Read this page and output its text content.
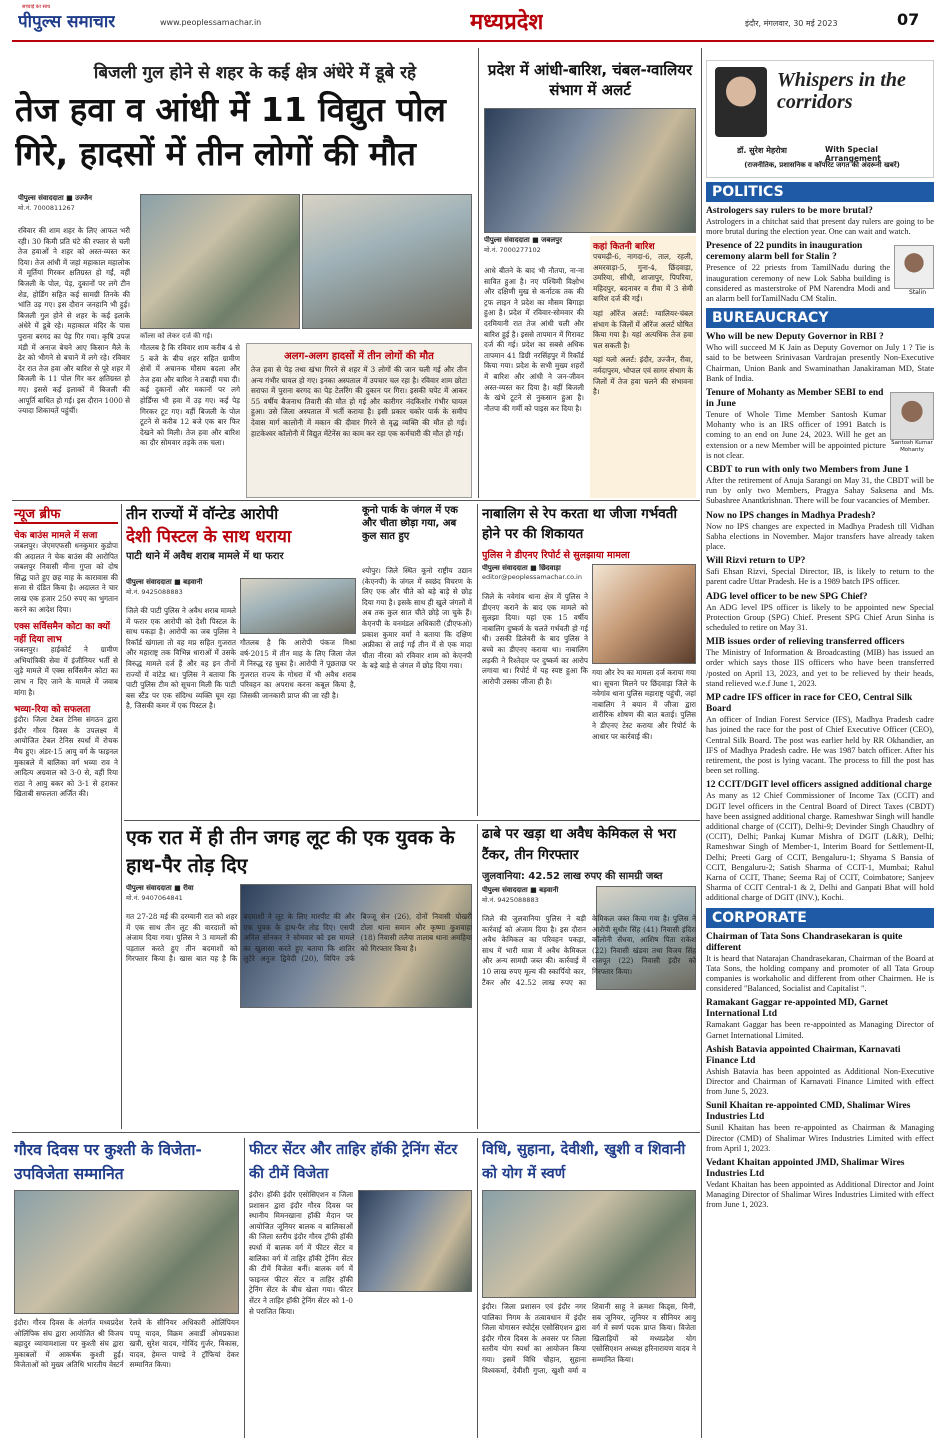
सच्चाई का साथ
पीपुल्स समाचार	www.peoplessamachar.in	मध्यप्रदेश	इंदौर, मंगलवार, 30 मई 2023	07
बिजली गुल होने से शहर के कई क्षेत्र अंधेरे में डूबे रहे
तेज हवा व आंधी में 11 विद्युत पोल गिरे, हादसों में तीन लोगों की मौत
पीपुल्स संवाददाता ■ उज्जैन
मो.नं. 7000811267
रविवार की शाम शहर के लिए आफत भरी रही। 30 किमी प्रति घंटे की रफ्तार से चली तेज हवाओं ने शहर को अस्त-व्यस्त कर दिया। तेज आंधी में जहां महाकाल महालोक में मूर्तियां गिरकर क्षतिग्रस्त हो गईं, वहीं बिजली के पोल, पेड़, दुकानों पर लगे टीन शेड, होर्डिंग सहित कई सामग्री तिनके की भांति उड़ गए। इस दौरान जनहानि भी हुई। बिजली गुल होने से शहर के कई इलाके अंधेरे में डूबे रहे। महाकाल मंदिर के पास पुराना बरगद का पेड़ गिर गया। कृषि उपज मंडी में अनाज बेचने आए किसान मैले के ढेर को भीगने से बचाने में लगे रहे। रविवार देर रात तेज हवा और बारिश से पूरे शहर में बिजली के 11 पोल गिर कर क्षतिग्रस्त हो गए। इससे कई इलाकों में बिजली की आपूर्ति बाधित हो गई। इस दौरान 1000 से ज्यादा शिकायतें पहुंचीं।
कॉल्स को लेकर दर्ज की गई।
गौतलब है कि रविवार शाम करीब 4 से 5 बजे के बीच शहर सहित ग्रामीण क्षेत्रों में अचानक मौसम बदला और तेज हवा और बारिश ने तबाही मचा दी। कई दुकानों और मकानों पर लगे होर्डिंग्स भी हवा में उड़ गए। कई पेड़ गिरकर टूट गए। वहीं बिजली के पोल टूटने से करीब 12 बजे एक बार फिर देखने को मिली। तेज हवा और बारिश का दौर सोमवार तड़के तक चला।
अलग-अलग हादसों में तीन लोगों की मौत
तेज हवा से पेड़ तथा खंभा गिरने से शहर में 3 लोगों की जान चली गई और तीन अन्य गंभीर घायल हो गए। इनका अस्पताल में उपचार चल रहा है। रविवार शाम छोटा सराफा में पुराना बरगद का पेड़ टेलरिंग की दुकान पर गिरा। इसकी चपेट में आकर 55 वर्षीय बैजनाथ तिवारी की मौत हो गई और कारीगर नंदकिशोर गंभीर घायल हुआ। उसे जिला अस्पताल में भर्ती कराया है। इसी प्रकार चकोर पार्क के समीप देवास मार्ग कालोनी में मकान की दीवार गिरने से वृद्ध व्यक्ति की मौत हो गई। हाटकेश्वर कॉलोनी में विद्युत मेंटेनेंस का काम कर रहा एक कर्मचारी की मौत हो गई।
प्रदेश में आंधी-बारिश, चंबल-ग्वालियर संभाग में अलर्ट
पीपुल्स संवाददाता ■ जबलपुर
मो.नं. 7000277102
आधे बीतने के बाद भी नौतपा, ना-ना सावित हुआ है। नए पश्चिमी विक्षोभ और दक्षिणी मुख से कर्नाटक तक की ट्रफ लाइन ने प्रदेश का मौसम बिगाड़ा हुआ है। प्रदेश में रविवार-सोमवार की दरमियानी रात तेज आंधी चली और बारिश हुई है। इससे तापमान में गिरावट दर्ज की गई। प्रदेश का सबसे अधिक तापमान 41 डिग्री नरसिंहपुर में रिकॉर्ड किया गया। प्रदेश के सभी मुख्य शहरों में बारिश और आंधी ने जन-जीवन अस्त-व्यस्त कर दिया है। वहीं बिजली के खंभे टूटने से नुकसान हुआ है। नौतपा की गर्मी को पाइस कर दिया है।
कहां कितनी बारिश
पचमढ़ी-6, नागदा-6, ताल, रहली, अमरवाड़ा-5, गुना-4, छिंदवाड़ा, उमरिया, सीधी, शाजापुर, पिपरिया, महिदपुर, बदनावर व रीवा में 3 सेमी बारिश दर्ज की गई।
यहां ऑरेंज अलर्ट: ग्वालियर-चंबल संभाग के जिलों में ऑरेंज अलर्ट घोषित किया गया है। यहां अत्यधिक तेज हवा चल सकती है।
यहां यलो अलर्ट: इंदौर, उज्जैन, रीवा, नर्मदापुरम, भोपाल एवं सागर संभाग के जिलों में तेज हवा चलने की संभावना है।
Whispers in the corridors
डॉ. सुरेश मेहरोत्रा	With Special Arrangement
(राजनीतिक, प्रशासनिक व कॉर्पोरेट जगत की अंदरूनी खबरें)
POLITICS
Astrologers say rulers to be more brutal?
Astrologers in a chitchat said that present day rulers are going to be more brutal during the election year. One can wait and watch.
Stalin
Presence of 22 pundits in inauguration ceremony alarm bell for Stalin ?
Presence of 22 priests from TamilNadu during the inauguration ceremony of new Lok Sabha building is considered as masterstroke of PM Narendra Modi and an alarm bell forTamilNadu CM Stalin.
BUREAUCRACY
Who will be new Deputy Governor in RBI ?
Who will succeed M K Jain as Deputy Governor on July 1 ? Tie is said to be between Srinivasan Vardrajan presently Non-Executive Chairman, Union Bank and Swaminathan Janakiraman MD, State Bank of India.
Santosh Kumar Mohanty
Tenure of Mohanty as Member SEBI to end in June
Tenure of Whole Time Member Santosh Kumar Mohanty who is an IRS officer of 1991 Batch is coming to an end on June 24, 2023. Will he get an extension or a new Member will be appointed picture is not clear.
CBDT to run with only two Members from June 1
After the retirement of Anuja Sarangi on May 31, the CBDT will be run by only two Members, Pragya Sahay Saksena and Ms. Subashree Anantkrishnan. There will be four vacancies of Member.
Now no IPS changes in Madhya Pradesh?
Now no IPS changes are expected in Madhya Pradesh till Vidhan Sabha elections in November. Major transfers have already taken place.
Will Rizvi return to UP?
Safi Ehsan Rizvi, Special Director, IB, is likely to return to the parent cadre Uttar Pradesh. He is a 1989 batch IPS officer.
ADG level officer to be new SPG Chief?
An ADG level IPS officer is likely to be appointed new Special Protection Group (SPG) Chief. Present SPG Chief Arun Sinha is scheduled to retire on May 31.
MIB issues order of relieving transferred officers
The Ministry of Information & Broadcasting (MIB) has issued an order which says those IIS officers who have been transferred /posted on April 13, 2023, and yet to be relieved by their heads, stand relieved w.e.f June 1, 2023.
MP cadre IFS officer in race for CEO, Central Silk Board
An officer of Indian Forest Service (IFS), Madhya Pradesh cadre has joined the race for the post of Chief Executive Officer (CEO), Central Silk Board. The post was earlier held by RR Okhandier, an IFS of Madhya Pradesh cadre. He was 1987 batch officer. After his retirement, the post is lying vacant. The process to fill the post has been set rolling.
12 CCIT/DGIT level officers assigned additional charge
As many as 12 Chief Commissioner of Income Tax (CCIT) and DGIT level officers in the Central Board of Direct Taxes (CBDT) have been assigned additional charge. Rameshwar Singh will handle additional charge of (CCIT), Delhi-9; Devinder Singh Chaudhry of (CCIT), Delhi; Pankaj Kumar Mishra of DGIT (L&R), Delhi; Rameshwar Singh of Member-1, Interim Board for Settlement-II, Delhi; Preeti Garg of CCIT, Bengaluru-1; Shyama S Bansia of CCIT, Bengaluru-2; Satish Sharma of CCIT-1, Mumbai; Rahul Karna of CCIT, Thane; Seema Raj of CCIT, Coimbatore; Sanjeev Sharma of CCIT Central-1 & 2, Delhi and Ganpati Bhat will hold additional charge of DGIT (INV.), Kochi.
CORPORATE
Chairman of Tata Sons Chandrasekaran is quite different
It is heard that Natarajan Chandrasekaran, Chairman of the Board at Tata Sons, the holding company and promoter of all Tata Group companies is workaholic and different from other Chairmen. He is considered "Balanced, Socialist and Capitalist ".
Ramakant Gaggar re-appointed MD, Garnet International Ltd
Ramakant Gaggar has been re-appointed as Managing Director of Garnet International Limited.
Ashish Batavia appointed Chairman, Karnavati Finance Ltd
Ashish Batavia has been appointed as Additional Non-Executive Director and Chairman of Karnavati Finance Limited with effect from June 5, 2023.
Sunil Khaitan re-appointed CMD, Shalimar Wires Industries Ltd
Sunil Khaitan has been re-appointed as Chairman & Managing Director (CMD) of Shalimar Wires Industries Limited with effect from April 1, 2023.
Vedant Khaitan appointed JMD, Shalimar Wires Industries Ltd
Vedant Khaitan has been appointed as Additional Director and Joint Managing Director of Shalimar Wires Industries Limited with effect from June 1, 2023.
न्यूज ब्रीफ
चेक बाउंस मामले में सजा
जबलपुर। जेएमएफसी धनकुमार कुडोपा की अदालत ने चेक बाउंस की आरोपित जबलपुर निवासी मीना गुप्ता को दोष सिद्ध पाते हुए छह माह के कारावास की सजा से दंडित किया है। अदालत ने चार लाख एक हजार 250 रुपए का भुगतान करने का आदेश दिया।
एक्स सर्विसमैन कोटा का क्यों नहीं दिया लाभ
जबलपुर। हाईकोर्ट ने ग्रामीण अभियांत्रिकी सेवा में इंजीनियर भर्ती से जुड़े मामले में एक्स सर्विसमैन कोटा का लाभ न दिए जाने के मामले में जवाब मांगा है।
भव्या-रिया को सफलता
इंदौर। जिला टेबल टेनिस संगठन द्वारा इंदौर गौरव दिवस के उपलक्ष्य में आयोजित टेबल टेनिस स्पर्धा में रोचक मैच हुए। अंडर-15 आयु वर्ग के फाइनल मुकाबले में बालिका वर्ग भव्या राव ने आदित्य अग्रवाल को 3-0 से, वहीं रिया राठा ने आयु बकर को 3-1 से हराकर खिताबी सफलता अर्जित की।
तीन राज्यों में वॉन्टेड आरोपी
देशी पिस्टल के साथ धराया
पाटी थाने में अवैध शराब मामले में था फरार
पीपुल्स संवाददाता ■ बड़वानी
मो.नं. 9425088883
जिले की पाटी पुलिस ने अवैध शराब मामले में फरार एक आरोपी को देशी पिस्टल के साथ पकड़ा है। आरोपी का जब पुलिस ने रिकॉर्ड खंगाला तो वह मप्र सहित गुजरात और महाराष्ट्र तक विभिन्न धाराओं में उसके विरुद्ध मामले दर्ज हैं और वह इन तीनों राज्यों में वांटेड था। पुलिस ने बताया कि पाटी पुलिस टीम को सूचना मिली कि पाटी बस स्टैंड पर एक संदिग्ध व्यक्ति घूम रहा है, जिसकी कमर में एक पिस्टल है।
गौतलब है कि आरोपी पंकज मिश्रा वर्ष-2015 में तीन माह के लिए जिला जेल में निरुद्ध रह चुका है। आरोपी ने पूछताछ पर गुजरात राज्य के गोधरा में भी अवैध शराब परिवहन का अपराध करना कबूल किया है, जिसकी जानकारी प्राप्त की जा रही है।
कूनो पार्क के जंगल में एक और चीता छोड़ा गया, अब कुल सात हुए
श्योपुर। जिले स्थित कूनो राष्ट्रीय उद्यान (केएनपी) के जंगल में स्वछंद विचरण के लिए एक और चीते को बड़े बाड़े से छोड़ दिया गया है। इसके साथ ही खुले जंगलों में अब तक कुल सात चीते छोड़े जा चुके हैं। केएनपी के वनमंडल अधिकारी (डीएफओ) प्रकाश कुमार वर्मा ने बताया कि दक्षिण अफ्रीका से लाई गई तीन में से एक मादा चीता नीरवा को रविवार शाम को केएनपी के बड़े बाड़े से जंगल में छोड़ दिया गया।
नाबालिग से रेप करता था जीजा गर्भवती होने पर की शिकायत
पुलिस ने डीएनए रिपोर्ट से सुलझाया मामला
पीपुल्स संवाददाता ■ छिंदवाड़ा
editor@peoplessamachar.co.in
जिले के नवेगांव थाना क्षेत्र में पुलिस ने डीएनए कराने के बाद एक मामले को सुलझा दिया। यहां एक 15 वर्षीय नाबालिग दुष्कर्म के चलते गर्भवती हो गई थी। उसकी डिलेवरी के बाद पुलिस ने बच्चे का डीएनए कराया था। नाबालिग लड़की ने रिश्तेदार पर दुष्कर्म का आरोप लगाया था। रिपोर्ट में यह स्पष्ट हुआ कि आरोपी उसका जीजा ही है।
गया और रेप का मामला दर्ज कराया गया था। सूचना मिलने पर छिंदवाड़ा जिले के नवेगांव थाना पुलिस महाराष्ट्र पहुंची, जहां नाबालिग ने बयान में जीजा द्वारा शारीरिक शोषण की बात बताई। पुलिस ने डीएनए टेस्ट कराया और रिपोर्ट के आधार पर कार्रवाई की।
एक रात में ही तीन जगह लूट की एक युवक के हाथ-पैर तोड़ दिए
पीपुल्स संवाददाता ■ रीवा
मो.नं. 9407064841
गत 27-28 मई की दरम्यानी रात को शहर में एक साथ तीन लूट की वारदातों को अंजाम दिया गया। पुलिस ने 3 मामलों की पड़ताल करते हुए तीन बदमाशों को गिरफ्तार किया है। खास बात यह है कि बदमाशों ने लूट के लिए मारपीट की और एक युवक के हाथ-पैर तोड़ दिए। एसपी अनिल सोनकर ने सोमवार को इस मामले का खुलासा करते हुए बताया कि शातिर लुटेरे अनुज द्विवेदी (20), विपिन उर्फ बिज्जू सेन (26), दोनों निवासी पोखरी टोला थाना समान और कृष्णा कुशवाहा (18) निवासी तलैया तालाब थाना अमहिया को गिरफ्तार किया है।
ढाबे पर खड़ा था अवैध केमिकल से भरा टैंकर, तीन गिरफ्तार
जुलवानिया: 42.52 लाख रुपए की सामग्री जब्त
पीपुल्स संवाददाता ■ बड़वानी
मो.नं. 9425088883
जिले की जुलवानिया पुलिस ने बड़ी कार्रवाई को अंजाम दिया है। इस दौरान अवैध केमिकल का परिवहन पकड़ा, साथ में भारी मात्रा में अवैध केमिकल और अन्य सामग्री जब्त की। कार्रवाई में 10 लाख रुपए मूल्य की स्कार्पियो कार, टैंकर और 42.52 लाख रुपए का केमिकल जब्त किया गया है। पुलिस ने आरोपी सुधीर सिंह (41) निवासी इंदिरा कॉलोनी सेंधवा, आशिष पिता राकेश (22) निवासी खंडवा तथा विजय सिंह राजपूत (22) निवासी इंदौर को गिरफ्तार किया।
गौरव दिवस पर कुश्ती के विजेता-उपविजेता सम्मानित
इंदौर। गौरव दिवस के अंतर्गत मध्यप्रदेश ओलिंपिक संघ द्वारा आयोजित श्री विजय बहादुर व्यायामशाला पर कुश्ती संघ द्वारा मुकाबलों में आकर्षक कुश्ती हुई। विजेताओं को मुख्य अतिथि भारतीय वेस्टर्न रेलवे के सीनियर अधिकारी ओलिंपियन पप्पू यादव, विक्रम अवार्डी ओमप्रकाश खत्री, सुरेश यादव, गोविंद गुर्जर, विकास, यादव, हेमन्त पाण्डे ने ट्रॉफियां देकर सम्मानित किया।
फीटर सेंटर और ताहिर हॉकी ट्रेनिंग सेंटर की टीमें विजेता
इंदौर। हॉकी इंदौर एसोसिएशन व जिला प्रशासन द्वारा इंदौर गौरव दिवस पर स्थानीय मिमनखाना हॉकी मैदान पर आयोजित जूनियर बालक व बालिकाओं की जिला स्तरीय इंदौर गौरव ट्रॉफी हॉकी स्पर्धा में बालक वर्ग में फीटर सेंटर व बालिका वर्ग में ताहिर हॉकी ट्रेनिंग सेंटर की टीमें विजेता बनीं। बालक वर्ग में फाइनल फीटर सेंटर व ताहिर हॉकी ट्रेनिंग सेंटर के बीच खेला गया। फीटर सेंटर ने ताहिर हॉकी ट्रेनिंग सेंटर को 1-0 से पराजित किया।
विधि, सुहाना, देवीशी, खुशी व शिवानी को योग में स्वर्ण
इंदौर। जिला प्रशासन एवं इंदौर नगर पालिका निगम के तत्वावधान में इंदौर जिला योगासन स्पोर्ट्स एसोसिएशन द्वारा इंदौर गौरव दिवस के अवसर पर जिला स्तरीय योग स्पर्धा का आयोजन किया गया। इसमें विधि चौहान, सुहाना विश्वकर्मा, देवीशी गुप्ता, खुशी वर्मा व शिवानी साहू ने क्रमशः किड्स, मिनी, सब जूनियर, जूनियर व सीनियर आयु वर्ग में स्वर्ण पदक प्राप्त किया। विजेता खिलाड़ियों को मध्यप्रदेश योग एसोसिएशन अध्यक्ष हरिनारायण यादव ने सम्मानित किया।
